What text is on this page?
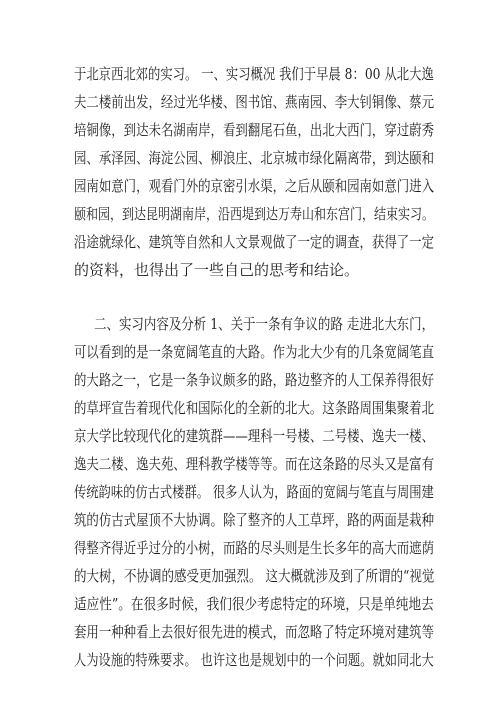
于北京西北郊的实习。 一、实习概况 我们于早晨 8：00 从北大逸
夫二楼前出发，经过光华楼、图书馆、燕南园、李大钊铜像、蔡元
培铜像，到达未名湖南岸，看到翻尾石鱼，出北大西门，穿过蔚秀
园、承泽园、海淀公园、柳浪庄、北京城市绿化隔离带，到达颐和
园南如意门，观看门外的京密引水渠，之后从颐和园南如意门进入
颐和园，到达昆明湖南岸，沿西堤到达万寿山和东宫门，结束实习。
沿途就绿化、建筑等自然和人文景观做了一定的调查，获得了一定
的资料，也得出了一些自己的思考和结论。
二、实习内容及分析 1、关于一条有争议的路 走进北大东门，
可以看到的是一条宽阔笔直的大路。作为北大少有的几条宽阔笔直
的大路之一，它是一条争议颇多的路，路边整齐的人工保养得很好
的草坪宣告着现代化和国际化的全新的北大。这条路周围集聚着北
京大学比较现代化的建筑群——理科一号楼、二号楼、逸夫一楼、
逸夫二楼、逸夫苑、理科教学楼等等。而在这条路的尽头又是富有
传统韵味的仿古式楼群。 很多人认为，路面的宽阔与笔直与周围建
筑的仿古式屋顶不大协调。除了整齐的人工草坪，路的两面是栽种
得整齐得近乎过分的小树，而路的尽头则是生长多年的高大而遮荫
的大树，不协调的感受更加强烈。 这大概就涉及到了所谓的“视觉
适应性”。在很多时候，我们很少考虑特定的环境，只是单纯地去
套用一种种看上去很好很先进的模式，而忽略了特定环境对建筑等
人为设施的特殊要求。 也许这也是规划中的一个问题。就如同北大
